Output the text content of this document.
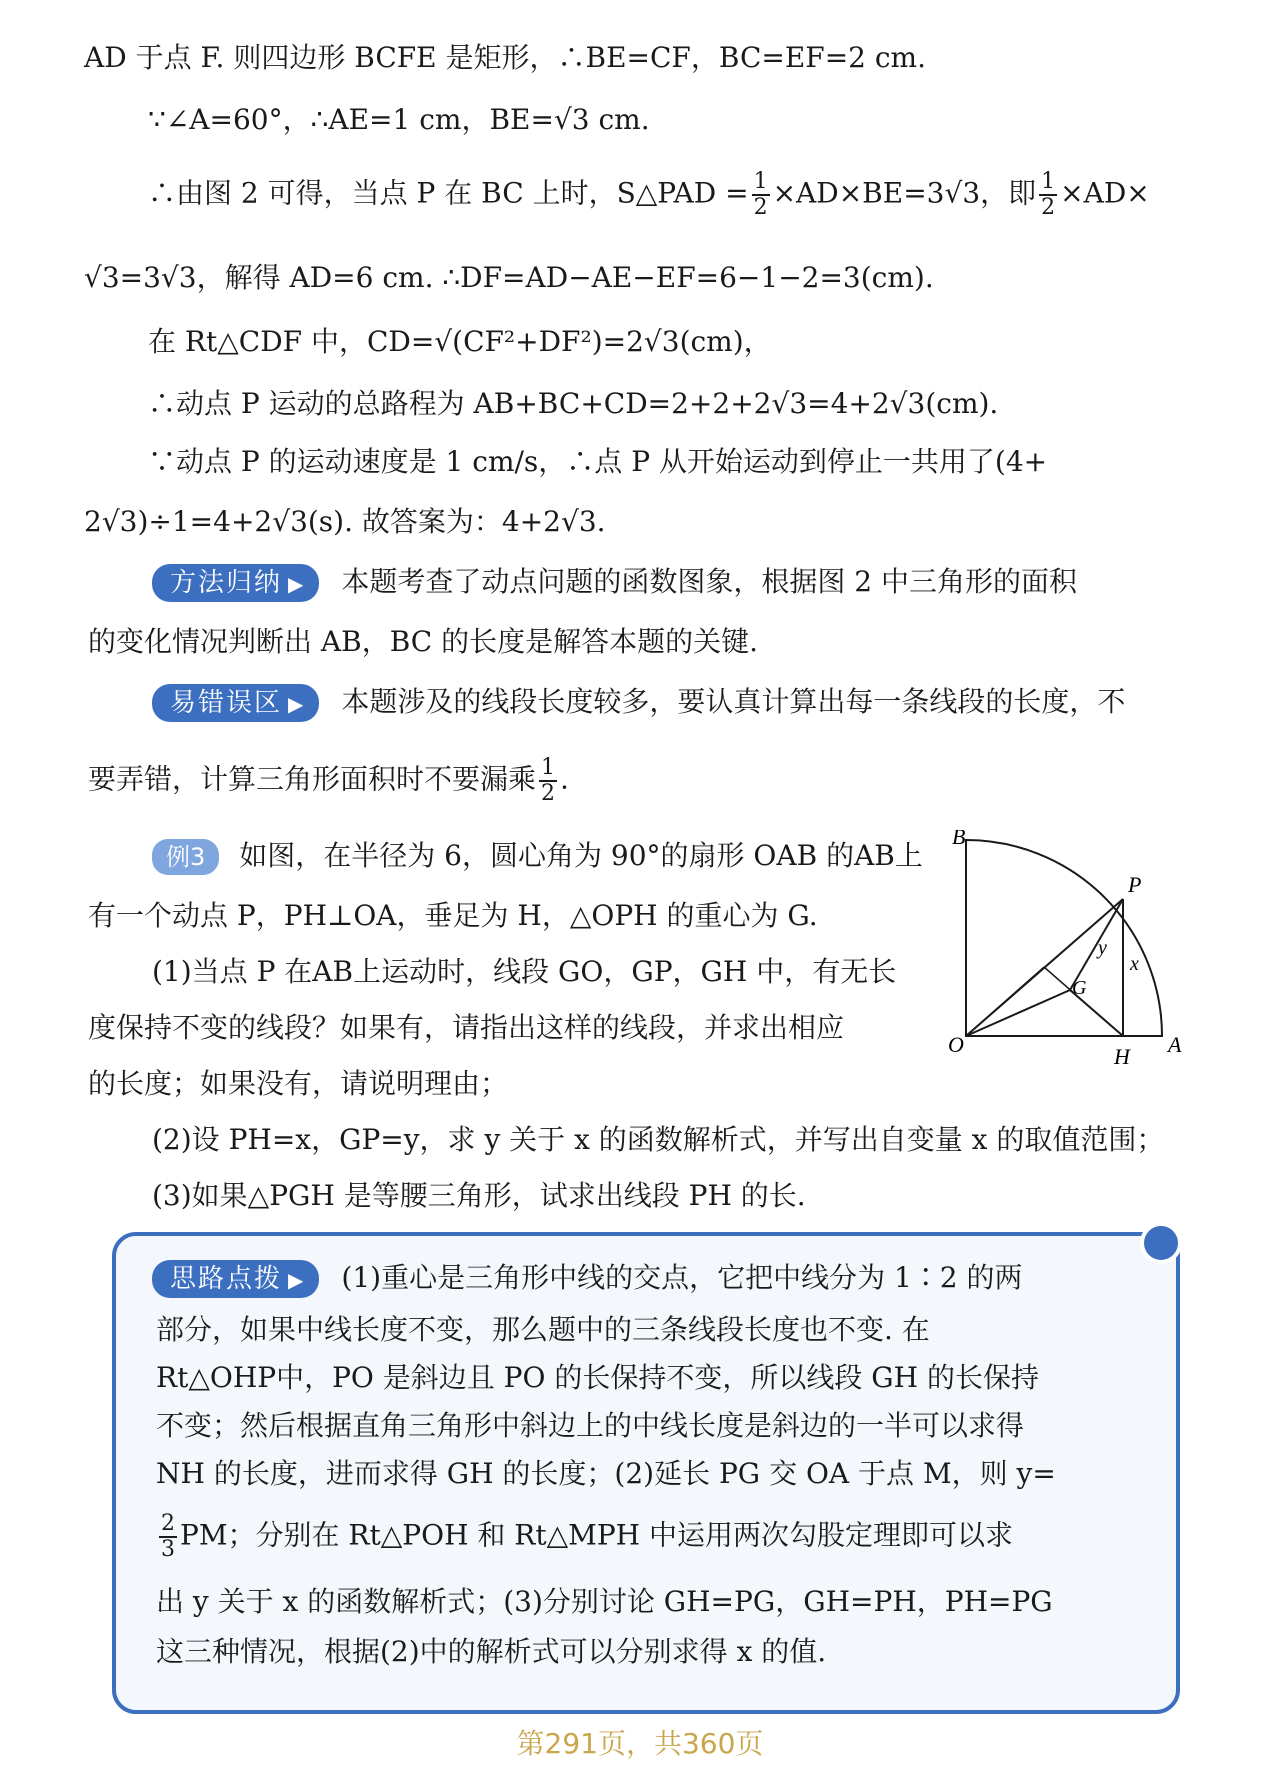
AD 于点 F. 则四边形 BCFE 是矩形，∴BE=CF，BC=EF=2 cm.
∵∠A=60°，∴AE=1 cm，BE=√3 cm.
∴由图 2 可得，当点 P 在 BC 上时，S△PAD = $\frac{1}{2} \times AD\times BE=3√3$，即 $\frac{1}{2} \times AD\times$
√3=3√3，解得 AD=6 cm. ∴DF=AD−AE−EF=6−1−2=3(cm).
在 Rt△CDF 中，CD=√(CF²+DF²)=2√3(cm)，
∴动点 P 运动的总路程为 AB+BC+CD=2+2+2√3=4+2√3(cm).
∵动点 P 的运动速度是 1 cm/s，∴点 P 从开始运动到停止一共用了(4+
2√3)÷1=4+2√3(s). 故答案为：4+2√3.
方法归纳 ▶ 本题考查了动点问题的函数图象，根据图 2 中三角形的面积
的变化情况判断出 AB，BC 的长度是解答本题的关键.
易错误区 ▶ 本题涉及的线段长度较多，要认真计算出每一条线段的长度，不
要弄错，计算三角形面积时不要漏乘 $\frac{1}{2}$ .
例3 如图，在半径为 6，圆心角为 90°的扇形 OAB 的AB上
有一个动点 P，PH⊥OA，垂足为 H，△OPH 的重心为 G.
(1)当点 P 在AB上运动时，线段 GO，GP，GH 中，有无长
度保持不变的线段？如果有，请指出这样的线段，并求出相应
的长度；如果没有，请说明理由；
(2)设 PH=x，GP=y，求 y 关于 x 的函数解析式，并写出自变量 x 的取值范围；
(3)如果△PGH 是等腰三角形，试求出线段 PH 的长.
B
P
y
x
G
O	H A
思路点拨 ▶ (1)重心是三角形中线的交点，它把中线分为 1∶2 的两
部分，如果中线长度不变，那么题中的三条线段长度也不变. 在
Rt△OHP中，PO 是斜边且 PO 的长保持不变，所以线段 GH 的长保持
不变；然后根据直角三角形中斜边上的中线长度是斜边的一半可以求得
NH 的长度，进而求得 GH 的长度；(2)延长 PG 交 OA 于点 M，则 y=
$\frac{2}{3}$ PM；分别在 Rt△POH 和 Rt△MPH 中运用两次勾股定理即可以求
出 y 关于 x 的函数解析式；(3)分别讨论 GH=PG，GH=PH，PH=PG
这三种情况，根据(2)中的解析式可以分别求得 x 的值.
第291页，共360页
